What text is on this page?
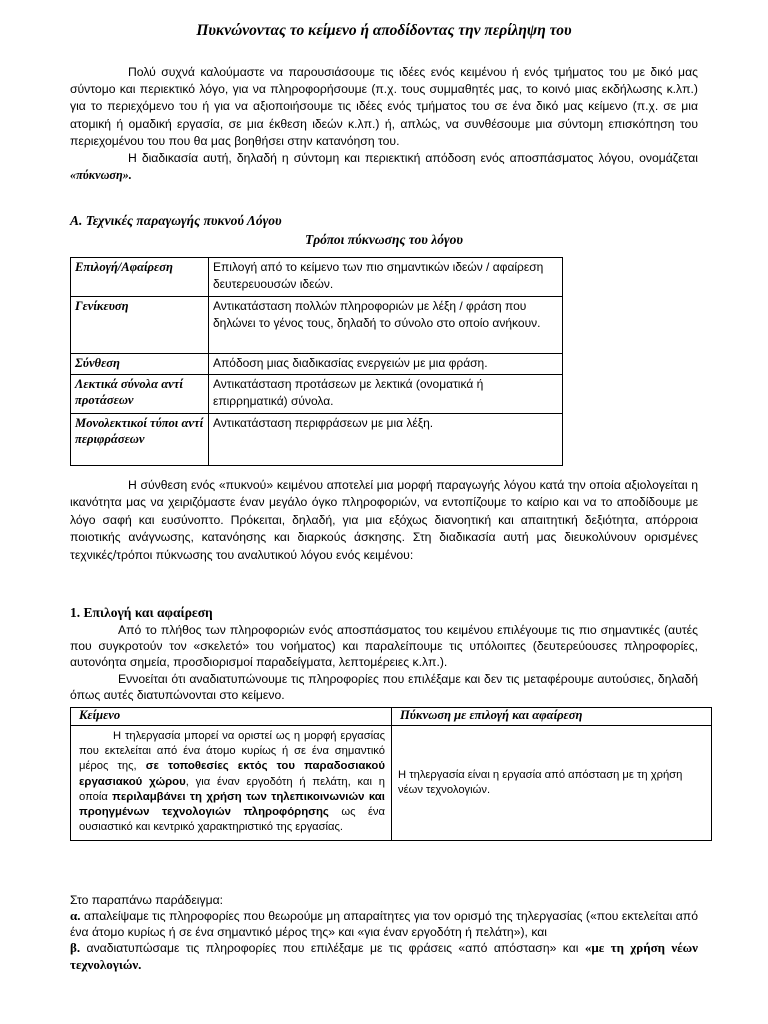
Πυκνώνοντας το κείμενο ή αποδίδοντας την περίληψη του

Πολύ συχνά καλούμαστε να παρουσιάσουμε τις ιδέες ενός κειμένου ή ενός τμήματος του με δικό μας σύντομο και περιεκτικό λόγο, για να πληροφορήσουμε (π.χ. τους συμμαθητές μας, το κοινό μιας εκδήλωσης κ.λπ.) για το περιεχόμενο του ή για να αξιοποιήσουμε τις ιδέες ενός τμήματος του σε ένα δικό μας κείμενο (π.χ. σε μια ατομική ή ομαδική εργασία, σε μια έκθεση ιδεών κ.λπ.) ή, απλώς, να συνθέσουμε μια σύντομη επισκόπηση του περιεχομένου του που θα μας βοηθήσει στην κατανόηση του.

Η διαδικασία αυτή, δηλαδή η σύντομη και περιεκτική απόδοση ενός αποσπάσματος λόγου, ονομάζεται «πύκνωση».

Α. Τεχνικές παραγωγής πυκνού Λόγου
Τρόποι πύκνωσης του λόγου
Επιλογή/Αφαίρεση	Επιλογή από το κείμενο των πιο σημαντικών ιδεών / αφαίρεση δευτερευουσών ιδεών.
Γενίκευση	Αντικατάσταση πολλών πληροφοριών με λέξη / φράση που δηλώνει το γένος τους, δηλαδή το σύνολο στο οποίο ανήκουν.
Σύνθεση	Απόδοση μιας διαδικασίας ενεργειών με μια φράση.
Λεκτικά σύνολα αντί προτάσεων	Αντικατάσταση προτάσεων με λεκτικά (ονοματικά ή επιρρηματικά) σύνολα.
Μονολεκτικοί τύποι αντί περιφράσεων	Αντικατάσταση περιφράσεων με μια λέξη.

Η σύνθεση ενός «πυκνού» κειμένου αποτελεί μια μορφή παραγωγής λόγου κατά την οποία αξιολογείται η ικανότητα μας να χειριζόμαστε έναν μεγάλο όγκο πληροφοριών, να εντοπίζουμε το καίριο και να το αποδίδουμε με λόγο σαφή και ευσύνοπτο. Πρόκειται, δηλαδή, για μια εξόχως διανοητική και απαιτητική δεξιότητα, απόρροια ποιοτικής ανάγνωσης, κατανόησης και διαρκούς άσκησης. Στη διαδικασία αυτή μας διευκολύνουν ορισμένες τεχνικές/τρόποι πύκνωσης του αναλυτικού λόγου ενός κειμένου:

1. Επιλογή και αφαίρεση

Από το πλήθος των πληροφοριών ενός αποσπάσματος του κειμένου επιλέγουμε τις πιο σημαντικές (αυτές που συγκροτούν τον «σκελετό» του νοήματος) και παραλείπουμε τις υπόλοιπες (δευτερεύουσες πληροφορίες, αυτονόητα σημεία, προσδιορισμοί παραδείγματα, λεπτομέρειες κ.λπ.).

Εννοείται ότι αναδιατυπώνουμε τις πληροφορίες που επιλέξαμε και δεν τις μεταφέρουμε αυτούσιες, δηλαδή όπως αυτές διατυπώνονται στο κείμενο.

Κείμενο	Πύκνωση με επιλογή και αφαίρεση
Η τηλεργασία μπορεί να οριστεί ως η μορφή εργασίας που εκτελείται από ένα άτομο κυρίως ή σε ένα σημαντικό μέρος της, σε τοποθεσίες εκτός του παραδοσιακού εργασιακού χώρου, για έναν εργοδότη ή πελάτη, και η οποία περιλαμβάνει τη χρήση των τηλεπικοινωνιών και προηγμένων τεχνολογιών πληροφόρησης ως ένα ουσιαστικό και κεντρικό χαρακτηριστικό της εργασίας.	Η τηλεργασία είναι η εργασία από απόσταση με τη χρήση νέων τεχνολογιών.

Στο παραπάνω παράδειγμα:

α. απαλείψαμε τις πληροφορίες που θεωρούμε μη απαραίτητες για τον ορισμό της τηλεργασίας («που εκτελείται από ένα άτομο κυρίως ή σε ένα σημαντικό μέρος της» και «για έναν εργοδότη ή πελάτη»), και

β. αναδιατυπώσαμε τις πληροφορίες που επιλέξαμε με τις φράσεις «από απόσταση» και «με τη χρήση νέων τεχνολογιών.
